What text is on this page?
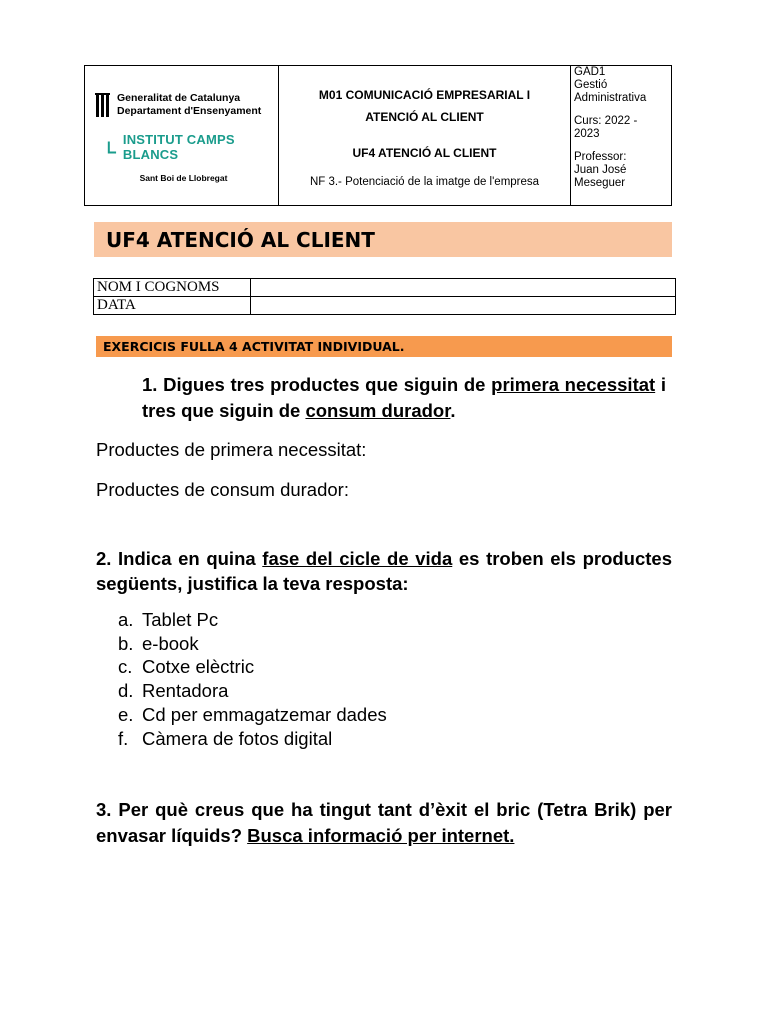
Generalitat de Catalunya
Departament d'Ensenyament
INSTITUT CAMPS BLANCS
Sant Boi de Llobregat

M01 COMUNICACIÓ EMPRESARIAL I
ATENCIÓ AL CLIENT
UF4 ATENCIÓ AL CLIENT
NF 3.- Potenciació de la imatge de l'empresa

GAD1
Gestió
Administrativa
Curs: 2022 -
2023
Professor:
Juan José
Meseguer
UF4 ATENCIÓ AL CLIENT
NOM I COGNOMS	
DATA	
EXERCICIS FULLA 4 ACTIVITAT INDIVIDUAL.
1. Digues tres productes que siguin de primera necessitat i tres que siguin de consum durador.
Productes de primera necessitat:
Productes de consum durador:
2. Indica en quina fase del cicle de vida es troben els productes següents, justifica la teva resposta:
a. Tablet Pc
b. e-book
c. Cotxe elèctric
d. Rentadora
e. Cd per emmagatzemar dades
f. Càmera de fotos digital
3. Per què creus que ha tingut tant d’èxit el bric (Tetra Brik) per envasar líquids? Busca informació per internet.
